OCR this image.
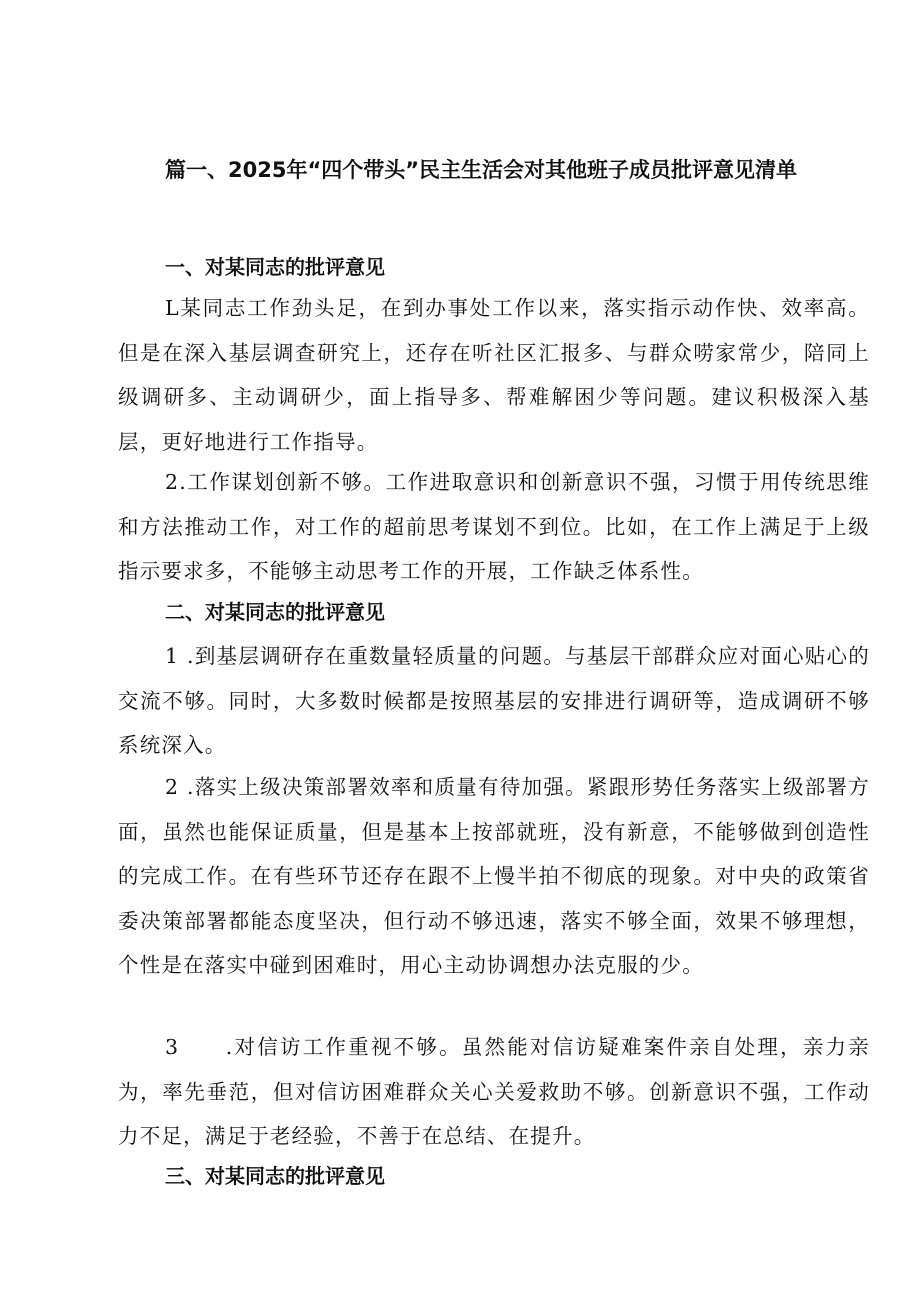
篇一、2025年“四个带头”民主生活会对其他班子成员批评意见清单
一、对某同志的批评意见
L某同志工作劲头足，在到办事处工作以来，落实指示动作快、效率高。但是在深入基层调查研究上，还存在听社区汇报多、与群众唠家常少，陪同上级调研多、主动调研少，面上指导多、帮难解困少等问题。建议积极深入基层，更好地进行工作指导。
2.工作谋划创新不够。工作进取意识和创新意识不强，习惯于用传统思维和方法推动工作，对工作的超前思考谋划不到位。比如，在工作上满足于上级指示要求多，不能够主动思考工作的开展，工作缺乏体系性。
二、对某同志的批评意见
1 .到基层调研存在重数量轻质量的问题。与基层干部群众应对面心贴心的交流不够。同时，大多数时候都是按照基层的安排进行调研等，造成调研不够系统深入。
2 .落实上级决策部署效率和质量有待加强。紧跟形势任务落实上级部署方面，虽然也能保证质量，但是基本上按部就班，没有新意，不能够做到创造性的完成工作。在有些环节还存在跟不上慢半拍不彻底的现象。对中央的政策省委决策部署都能态度坚决，但行动不够迅速，落实不够全面，效果不够理想，个性是在落实中碰到困难时，用心主动协调想办法克服的少。
3　　.对信访工作重视不够。虽然能对信访疑难案件亲自处理，亲力亲为，率先垂范，但对信访困难群众关心关爱救助不够。创新意识不强，工作动力不足，满足于老经验，不善于在总结、在提升。
三、对某同志的批评意见
